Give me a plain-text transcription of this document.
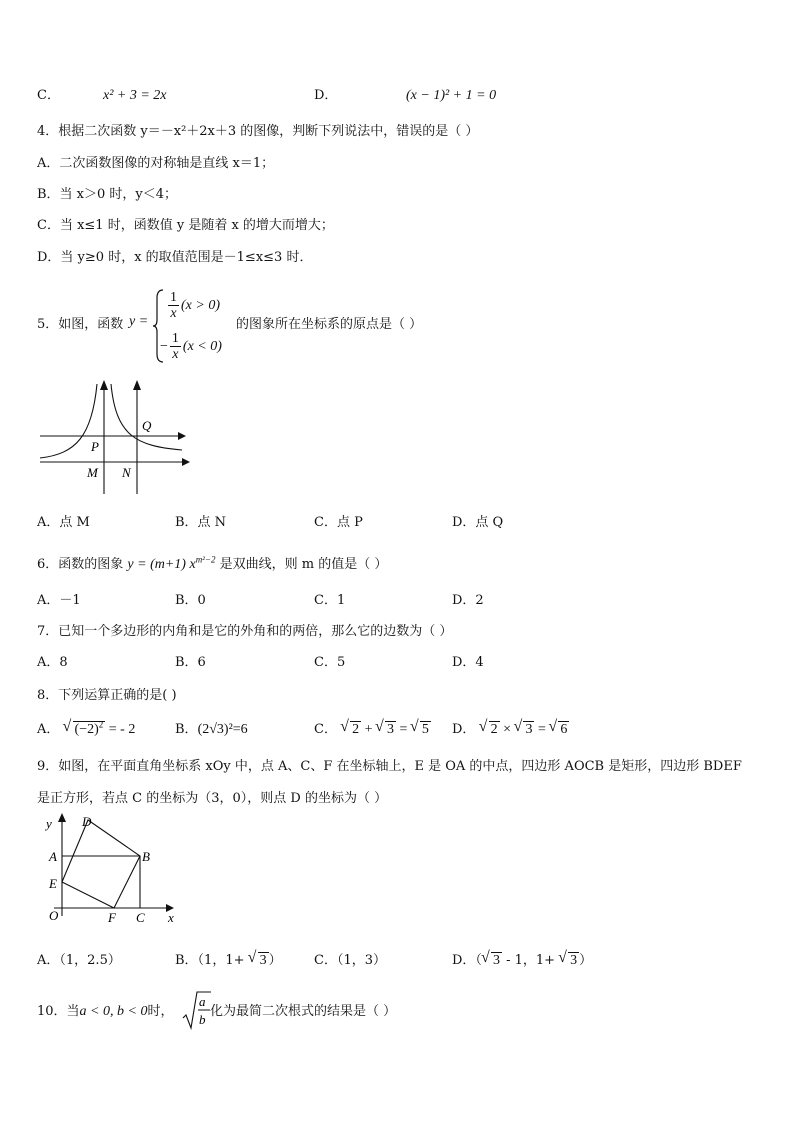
C．	x² + 3 = 2x	D．	(x − 1)² + 1 = 0
4．根据二次函数 y＝－x²＋2x＋3 的图像，判断下列说法中，错误的是（ ）
A．二次函数图像的对称轴是直线 x＝1；
B．当 x＞0 时，y＜4；
C．当 x≤1 时，函数值 y 是随着 x 的增大而增大；
D．当 y≥0 时，x 的取值范围是－1≤x≤3 时．
5．如图，函数 y =
$\frac{1}{x} (x > 0)$
− $\frac{1}{x} (x < 0)$
的图象所在坐标系的原点是（ ）
Q
P
M N
A．点 M	B．点 N	C．点 P	D．点 Q
6．函数的图象 y = (m+1) $x^{m^2-2}$ 是双曲线，则 m 的值是（ ）
A．－1	B．0	C．1	D．2
7．已知一个多边形的内角和是它的外角和的两倍，那么它的边数为（ ）
A．8	B．6	C．5	D．4
8．下列运算正确的是( )
A． √ $(-2)^2$ = - 2	B．(2√3)²=6	C． √ 2 + √ 3 = √ 5 D． √ 2 × √ 3 = √ 6
9．如图，在平面直角坐标系 xOy 中，点 A、C、F 在坐标轴上，E 是 OA 的中点，四边形 AOCB 是矩形，四边形 BDEF
是正方形，若点 C 的坐标为（3，0），则点 D 的坐标为（ ）
y
x
D
A	B
E
O	F C
A．（1，2.5）	B．（1，1+ √ 3 ） C．（1，3）	D．（ √ 3 - 1，1+ √ 3 ）
10．当a < 0, b < 0时，
a
b
化为最简二次根式的结果是（ ）
